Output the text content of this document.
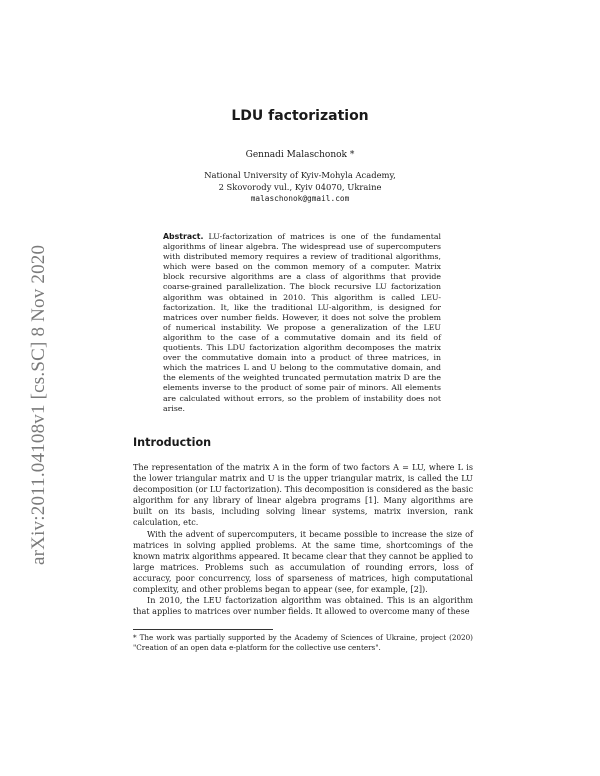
arXiv:2011.04108v1 [cs.SC] 8 Nov 2020
LDU factorization
Gennadi Malaschonok *
National University of Kyiv-Mohyla Academy,
2 Skovorody vul., Kyiv 04070, Ukraine
malaschonok@gmail.com
Abstract. LU-factorization of matrices is one of the fundamental algorithms of linear algebra. The widespread use of supercomputers with distributed memory requires a review of traditional algorithms, which were based on the common memory of a computer. Matrix block recursive algorithms are a class of algorithms that provide coarse-grained parallelization. The block recursive LU factorization algorithm was obtained in 2010. This algorithm is called LEU-factorization. It, like the traditional LU-algorithm, is designed for matrices over number fields. However, it does not solve the problem of numerical instability. We propose a generalization of the LEU algorithm to the case of a commutative domain and its field of quotients. This LDU factorization algorithm decomposes the matrix over the commutative domain into a product of three matrices, in which the matrices L and U belong to the commutative domain, and the elements of the weighted truncated permutation matrix D are the elements inverse to the product of some pair of minors. All elements are calculated without errors, so the problem of instability does not arise.
Introduction

The representation of the matrix A in the form of two factors A = LU, where L is the lower triangular matrix and U is the upper triangular matrix, is called the LU decomposition (or LU factorization). This decomposition is considered as the basic algorithm for any library of linear algebra programs [1]. Many algorithms are built on its basis, including solving linear systems, matrix inversion, rank calculation, etc.

With the advent of supercomputers, it became possible to increase the size of matrices in solving applied problems. At the same time, shortcomings of the known matrix algorithms appeared. It became clear that they cannot be applied to large matrices. Problems such as accumulation of rounding errors, loss of accuracy, poor concurrency, loss of sparseness of matrices, high computational complexity, and other problems began to appear (see, for example, [2]).

In 2010, the LEU factorization algorithm was obtained. This is an algorithm that applies to matrices over number fields. It allowed to overcome many of these

* The work was partially supported by the Academy of Sciences of Ukraine, project (2020) "Creation of an open data e-platform for the collective use centers".
